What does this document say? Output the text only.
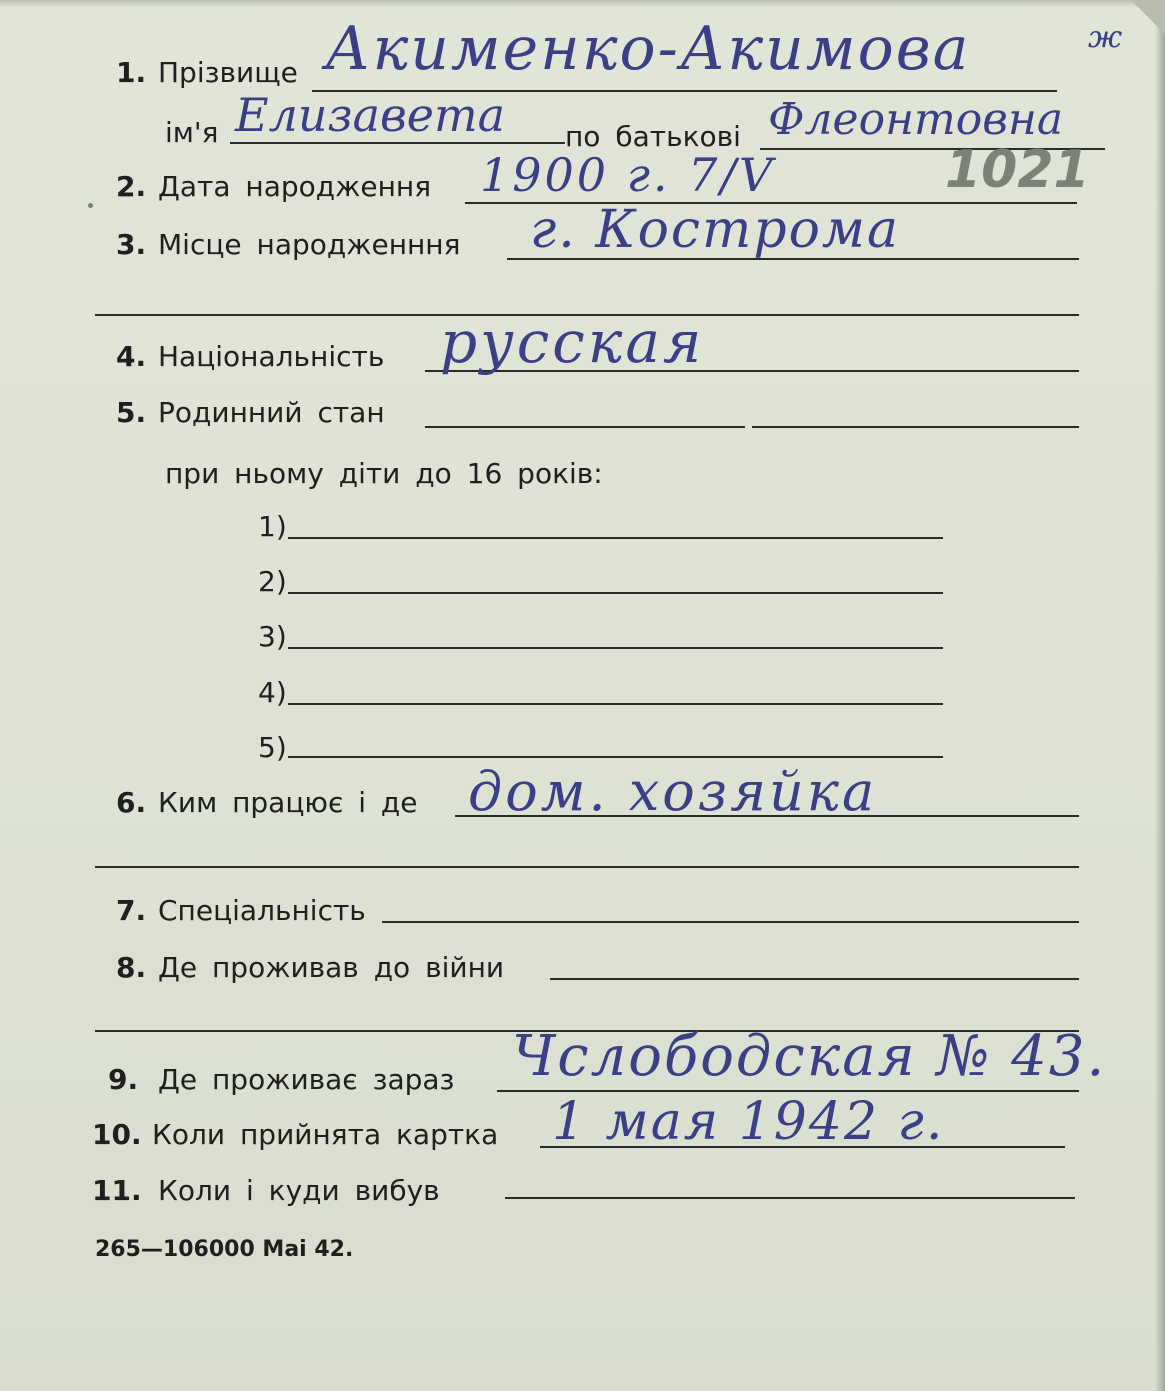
1. Прізвище Акименко-Акимова	ж
ім'я Елизавета по батькові Флеонтовна
2. Дата народження 1900 г. 7/V	1021
3. Місце народженння г. Кострома
4. Національність русская
5. Родинний стан
при ньому діти до 16 років:
1)
2)
3)
4)
5)
6. Ким працює і де дом. хозяйка
7. Спеціальність
8. Де проживав до війни
9. Де проживає зараз Чслободская № 43.
10. Коли прийнята картка 1 мая 1942 г.
11. Коли і куди вибув
265—106000 Маі 42.
